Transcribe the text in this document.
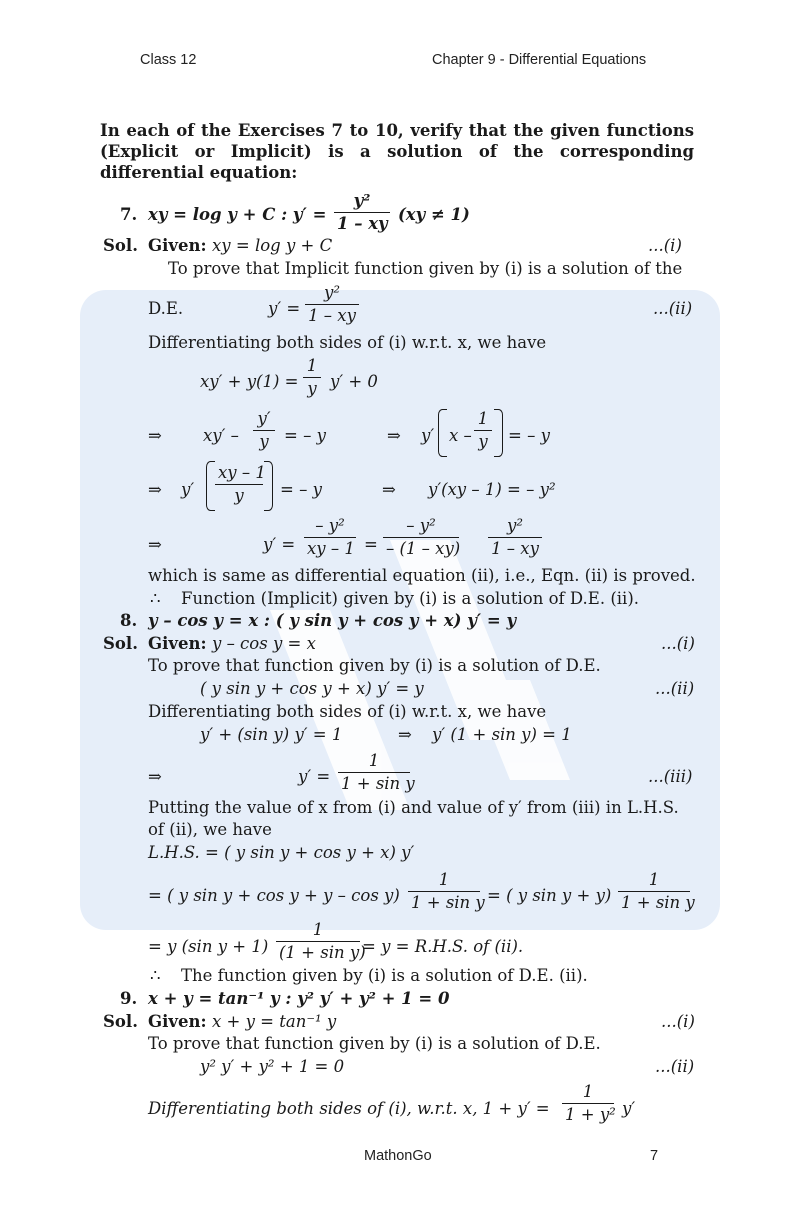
Class 12	Chapter 9 - Differential Equations
In each of the Exercises 7 to 10, verify that the given functions (Explicit or Implicit) is a solution of the corresponding differential equation:
7. xy = log y + C : $y' = \frac{\text{y²}}{1 - xy} (xy \ne 1)$
Sol. Given: xy = log y + C	...(i)
To prove that Implicit function given by (i) is a solution of the
D.E.	$y' = \frac{\text{y²}}{1 - xy}$	...(ii)
Differentiating both sides of (i) w.r.t. x, we have
$xy' + y(1) = \frac{1}{y} y' + 0$
⇒ $xy' - \frac{y'}{y}$ = – y	⇒ y′ x – $\frac{1}{y}$ = – y
⇒ $y' \frac{xy - 1}{y}$ = – y	⇒ y′(xy – 1) = – y²
⇒	$y' = \frac{\text{– y²}}{xy - 1} = \frac{\text{– y²}}{- (1 - xy)} \frac{\text{y²}}{1 - xy}$
which is same as differential equation (ii), i.e., Eqn. (ii) is proved.
∴ Function (Implicit) given by (i) is a solution of D.E. (ii).
8. y – cos y = x : ( y sin y + cos y + x) y′ = y
Sol. Given: y – cos y = x	...(i)
To prove that function given by (i) is a solution of D.E.
( y sin y + cos y + x) y′ = y	...(ii)
Differentiating both sides of (i) w.r.t. x, we have
y′ + (sin y) y′ = 1	⇒ y′ (1 + sin y) = 1
⇒	$y' = \frac{1}{\text{1 + sin y}}$	...(iii)
Putting the value of x from (i) and value of y′ from (iii) in L.H.S.
of (ii), we have
L.H.S. = ( y sin y + cos y + x) y′
= ( y $\sin y + \cos y + y - \cos y) \frac{1}{\text{1 + sin y}}$ = ( y $\sin y + y) \frac{1}{\text{1 + sin y}}$
= y (sin $y + 1) \frac{1}{\text{(1 + sin y)}} = y = R.H.S$. of (ii).
∴ The function given by (i) is a solution of D.E. (ii).
9. x + y = tan⁻¹ y : y² y′ + y² + 1 = 0
Sol. Given: x + y = tan⁻¹ y	...(i)
To prove that function given by (i) is a solution of D.E.
y² y′ + y² + 1 = 0	...(ii)
Differentiating both sides of (i), w.r.t. x, $1 + y' = \frac{1}{\text{1 + y²}} y'$
MathonGo	7
